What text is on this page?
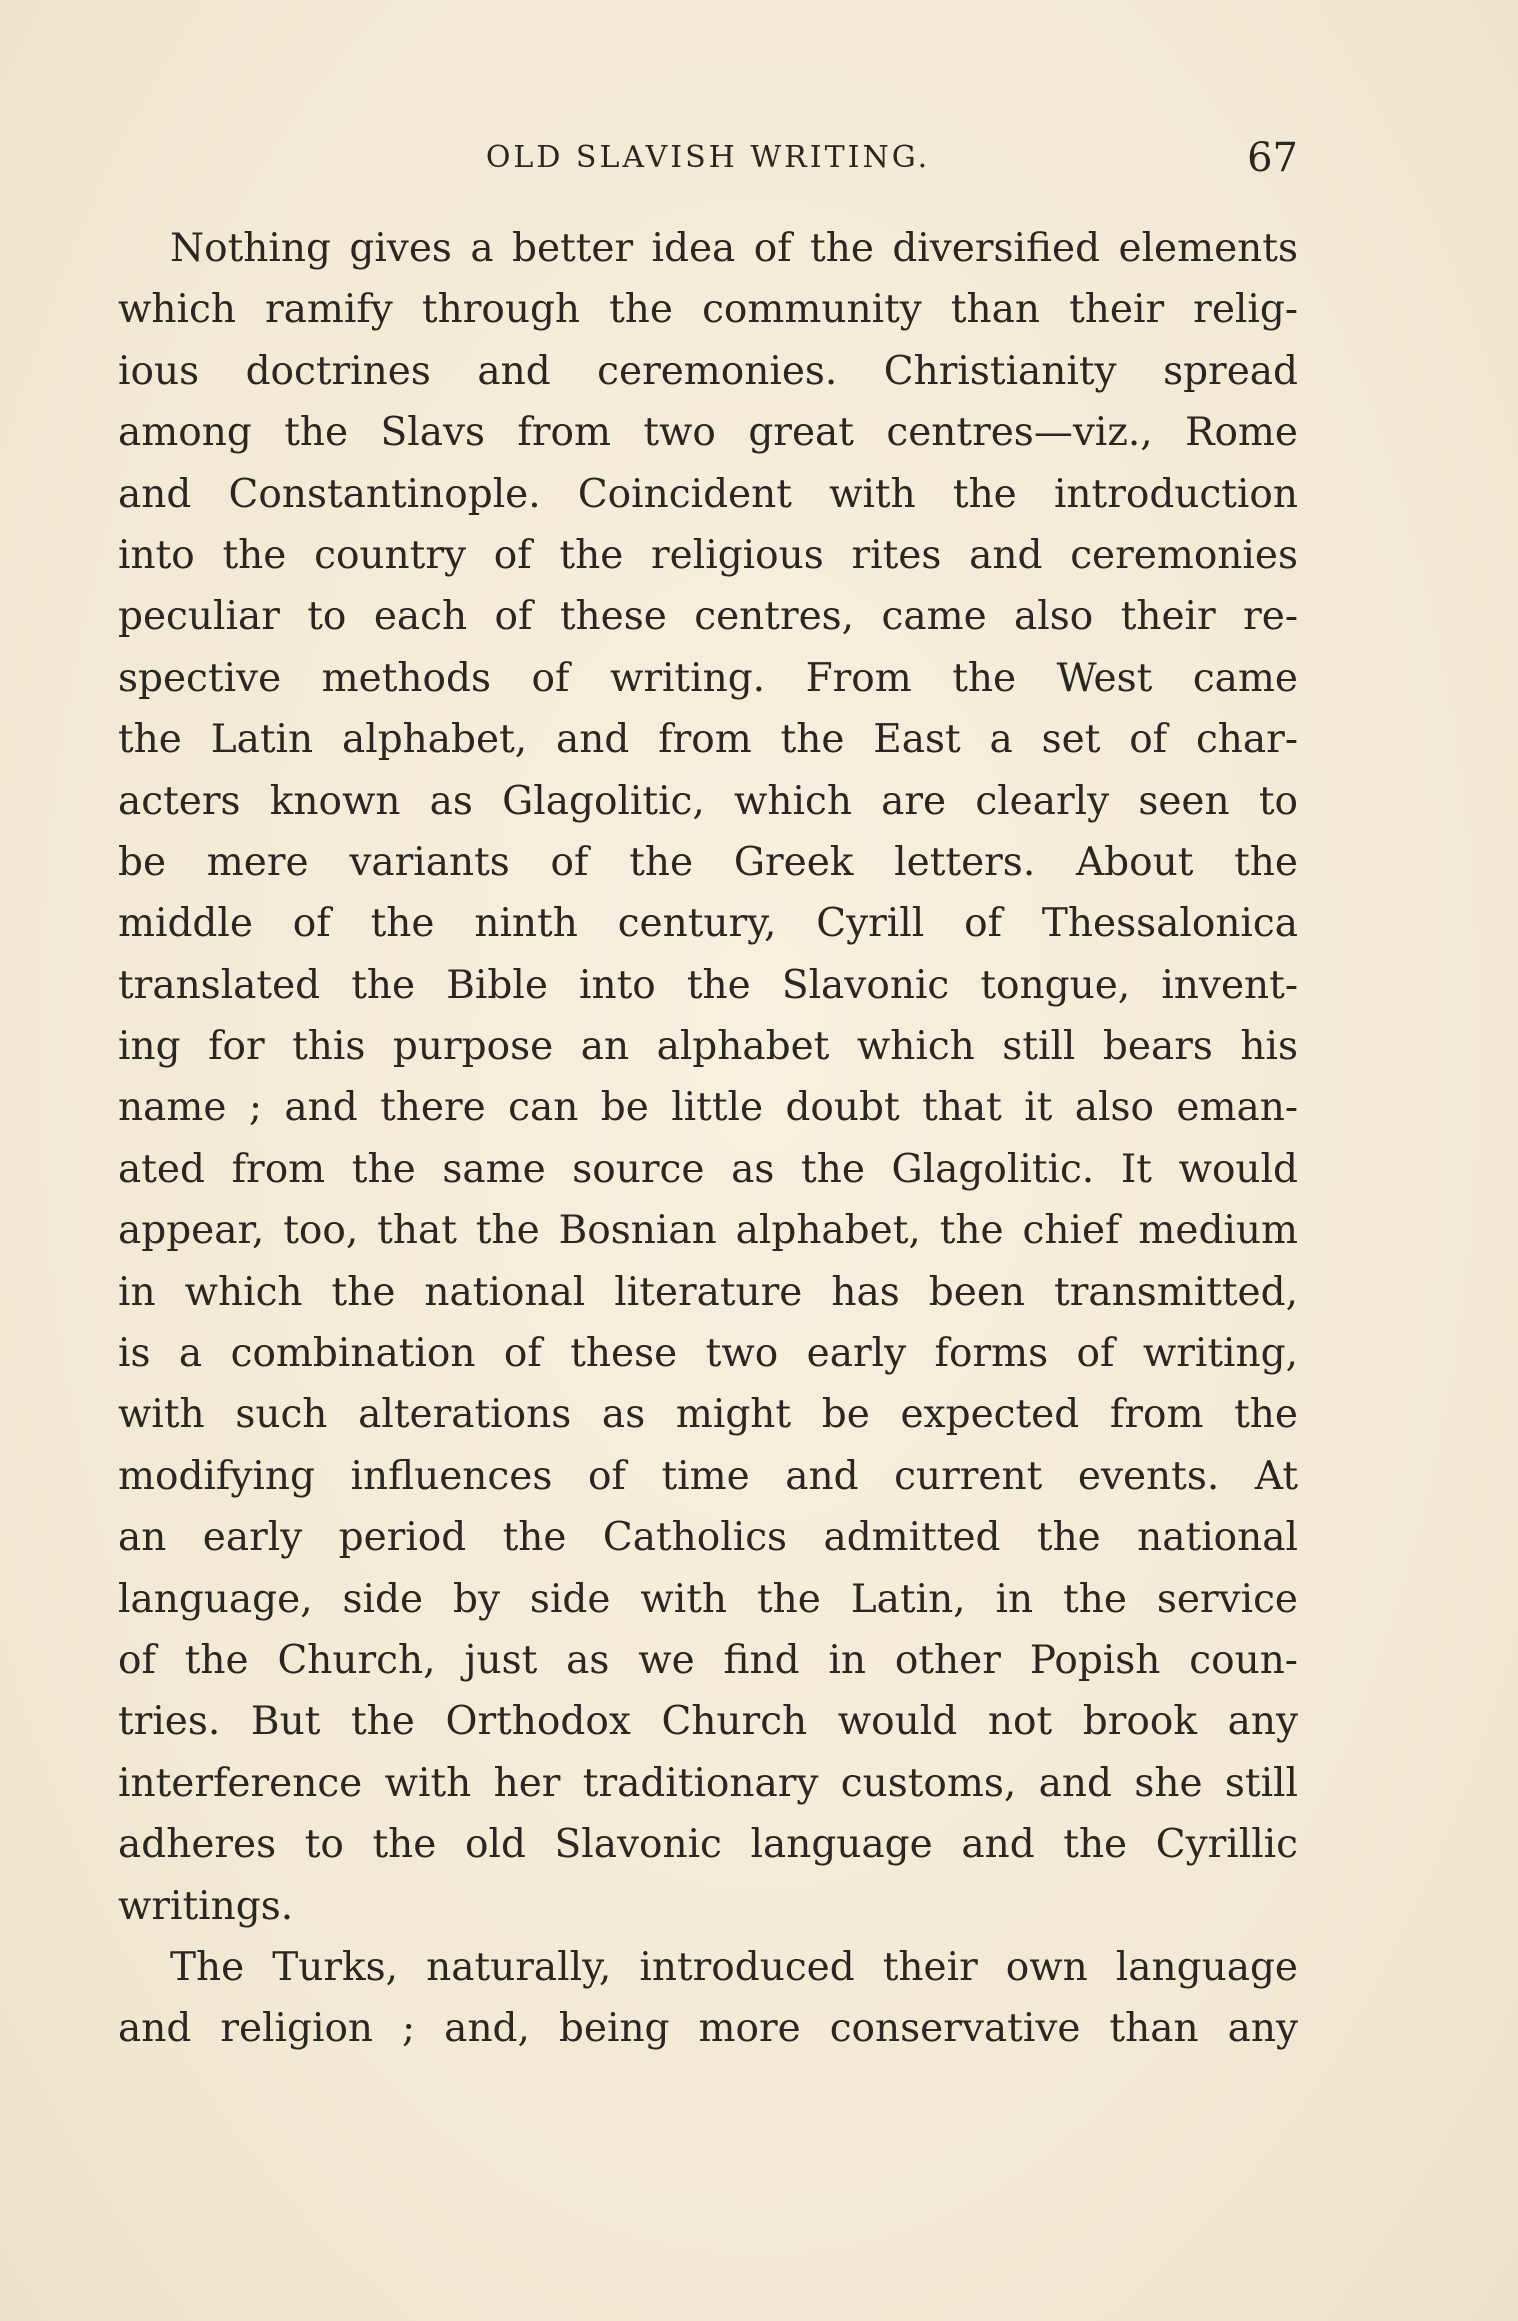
OLD SLAVISH WRITING.	67
Nothing gives a better idea of the diversified elements
which ramify through the community than their relig-
ious doctrines and ceremonies. Christianity spread
among the Slavs from two great centres—viz., Rome
and Constantinople. Coincident with the introduction
into the country of the religious rites and ceremonies
peculiar to each of these centres, came also their re-
spective methods of writing. From the West came
the Latin alphabet, and from the East a set of char-
acters known as Glagolitic, which are clearly seen to
be mere variants of the Greek letters. About the
middle of the ninth century, Cyrill of Thessalonica
translated the Bible into the Slavonic tongue, invent-
ing for this purpose an alphabet which still bears his
name ; and there can be little doubt that it also eman-
ated from the same source as the Glagolitic. It would
appear, too, that the Bosnian alphabet, the chief medium
in which the national literature has been transmitted,
is a combination of these two early forms of writing,
with such alterations as might be expected from the
modifying influences of time and current events. At
an early period the Catholics admitted the national
language, side by side with the Latin, in the service
of the Church, just as we find in other Popish coun-
tries. But the Orthodox Church would not brook any
interference with her traditionary customs, and she still
adheres to the old Slavonic language and the Cyrillic
writings.
The Turks, naturally, introduced their own language
and religion ; and, being more conservative than any
